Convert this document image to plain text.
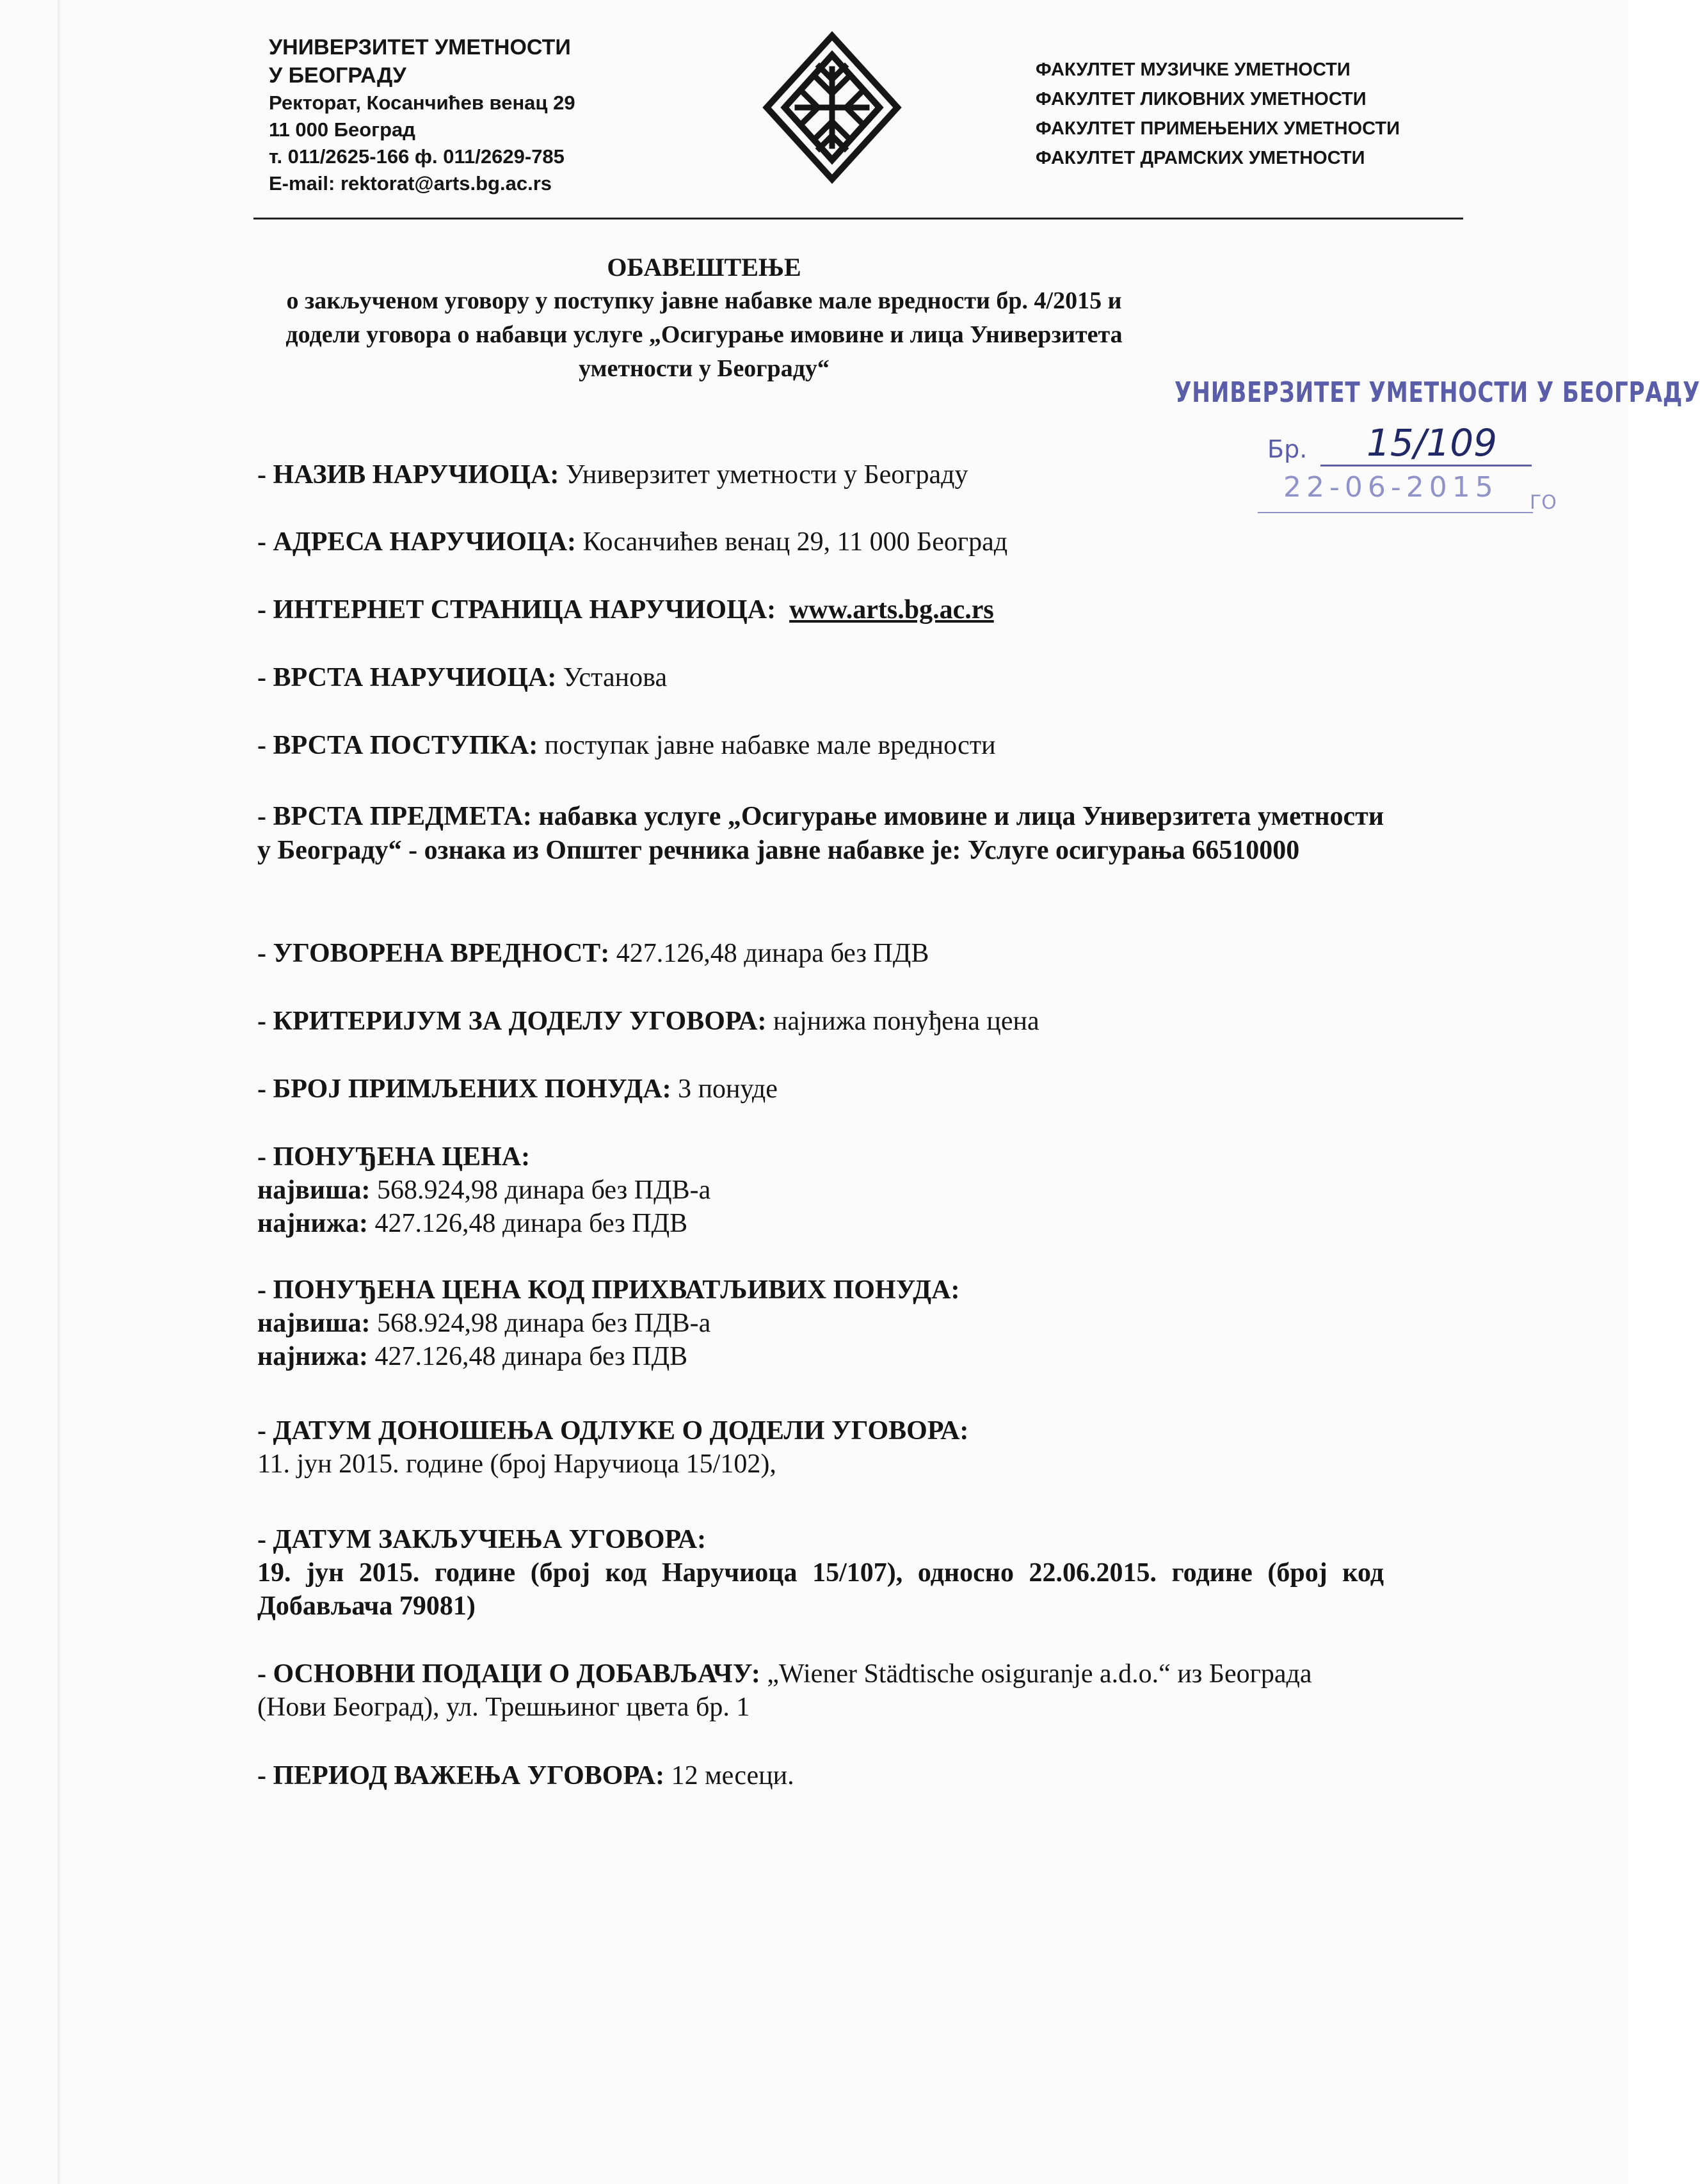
УНИВЕРЗИТЕТ УМЕТНОСТИ
У БЕОГРАДУ
Ректорат, Косанчићев венац 29
11 000 Београд
т. 011/2625-166 ф. 011/2629-785
E-mail: rektorat@arts.bg.ac.rs
ФАКУЛТЕТ МУЗИЧКЕ УМЕТНОСТИ
ФАКУЛТЕТ ЛИКОВНИХ УМЕТНОСТИ
ФАКУЛТЕТ ПРИМЕЊЕНИХ УМЕТНОСТИ
ФАКУЛТЕТ ДРАМСКИХ УМЕТНОСТИ
ОБАВЕШТЕЊЕ
о закљученом уговору у поступку јавне набавке мале вредности бр. 4/2015 и
додели уговора о набавци услуге „Осигурање имовине и лица Универзитета
уметности у Београду“
УНИВЕРЗИТЕТ УМЕТНОСТИ У БЕОГРАДУ
Бр. 15/109
22-06-2015 ГО
- НАЗИВ НАРУЧИОЦА: Универзитет уметности у Београду
- АДРЕСА НАРУЧИОЦА: Косанчићев венац 29, 11 000 Београд
- ИНТЕРНЕТ СТРАНИЦА НАРУЧИОЦА: www.arts.bg.ac.rs
- ВРСТА НАРУЧИОЦА: Установа
- ВРСТА ПОСТУПКА: поступак јавне набавке мале вредности
- ВРСТА ПРЕДМЕТА: набавка услуге „Осигурање имовине и лица Универзитета уметности у Београду“ - ознака из Општег речника јавне набавке је: Услуге осигурања 66510000
- УГОВОРЕНА ВРЕДНОСТ: 427.126,48 динара без ПДВ
- КРИТЕРИЈУМ ЗА ДОДЕЛУ УГОВОРА: најнижа понуђена цена
- БРОЈ ПРИМЉЕНИХ ПОНУДА: 3 понуде
- ПОНУЂЕНА ЦЕНА:
највиша: 568.924,98 динара без ПДВ-а
најнижа: 427.126,48 динара без ПДВ
- ПОНУЂЕНА ЦЕНА КОД ПРИХВАТЉИВИХ ПОНУДА:
највиша: 568.924,98 динара без ПДВ-а
најнижа: 427.126,48 динара без ПДВ
- ДАТУМ ДОНОШЕЊА ОДЛУКЕ О ДОДЕЛИ УГОВОРА:
11. јун 2015. године (број Наручиоца 15/102),
- ДАТУМ ЗАКЉУЧЕЊА УГОВОРА:
19. јун 2015. године (број код Наручиоца 15/107), односно 22.06.2015. године (број код Добављача 79081)
- ОСНОВНИ ПОДАЦИ О ДОБАВЉАЧУ: „Wiener Städtische osiguranje a.d.o.“ из Београда (Нови Београд), ул. Трешњиног цвета бр. 1
- ПЕРИОД ВАЖЕЊА УГОВОРА: 12 месеци.
